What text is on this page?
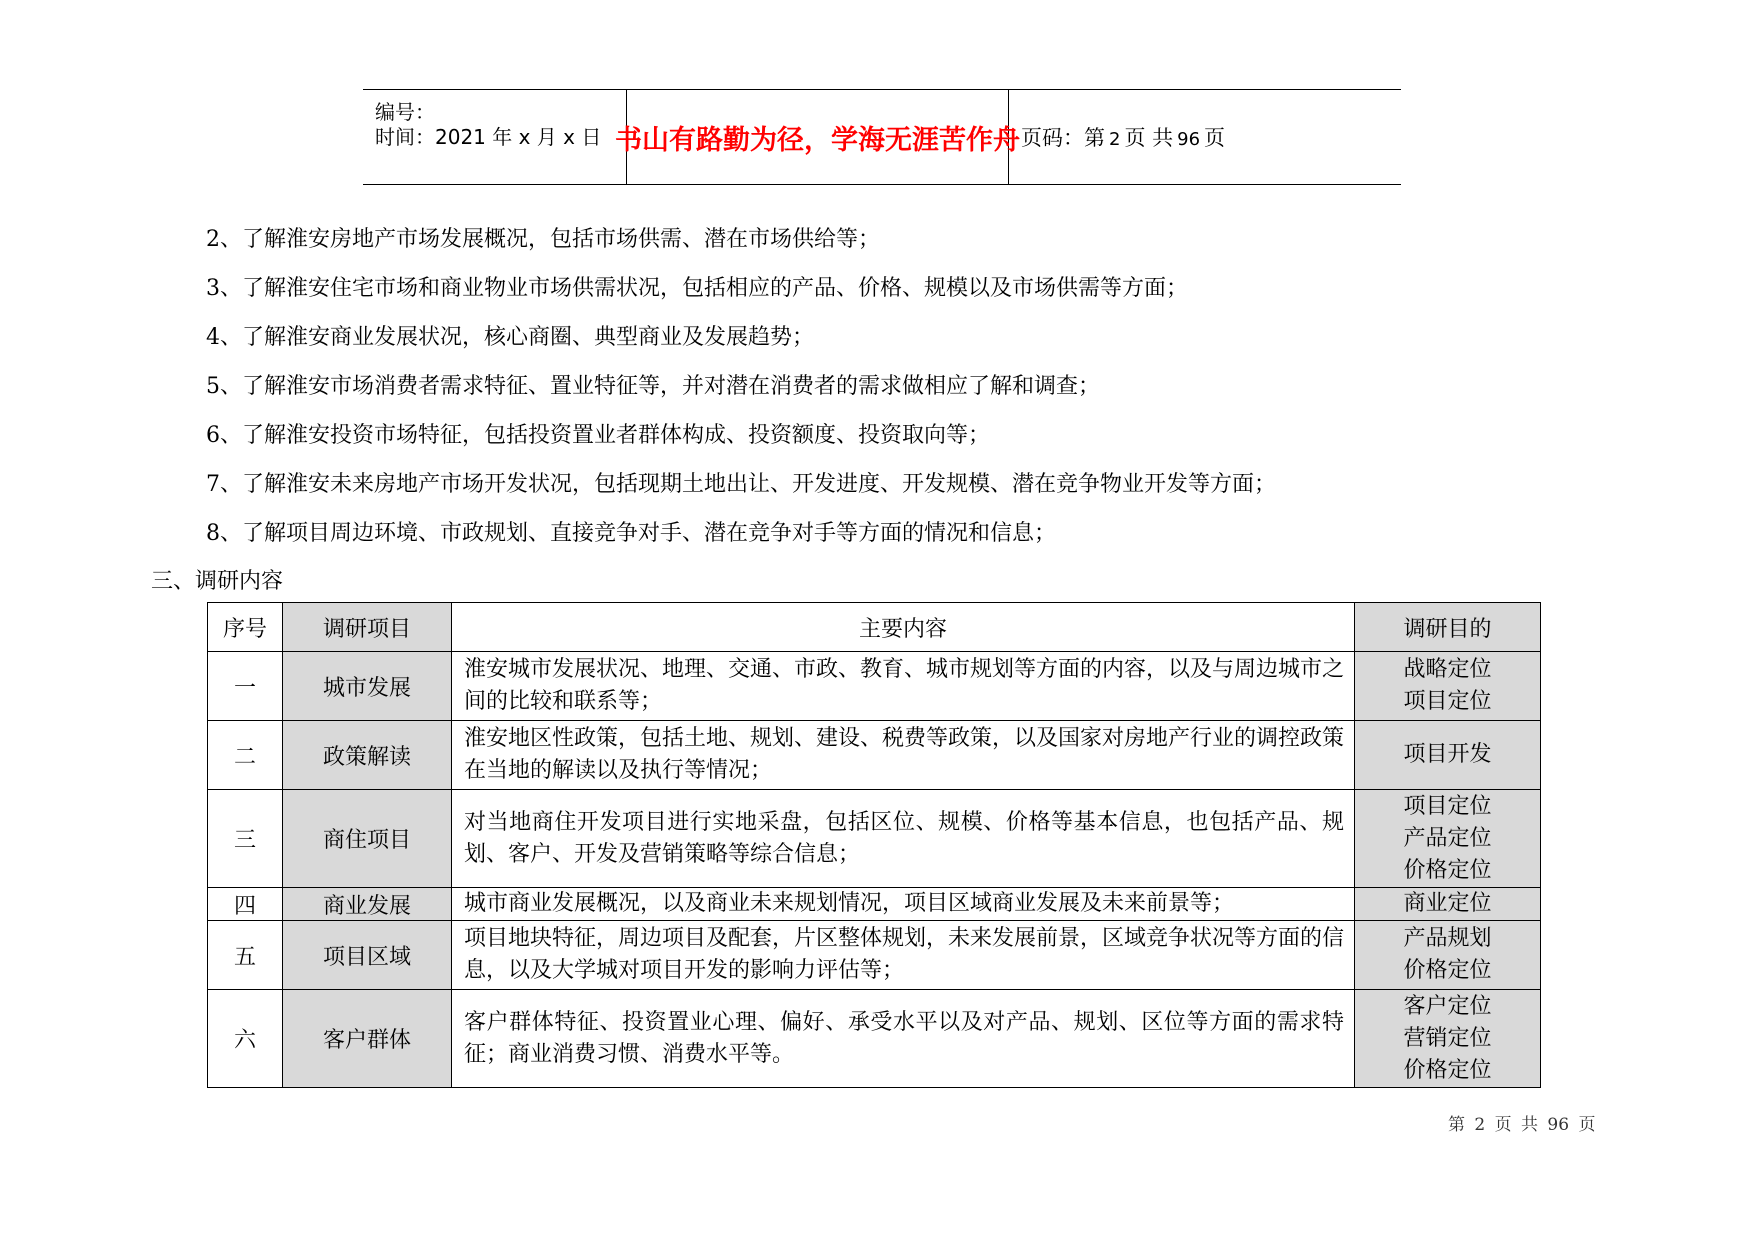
编号：
时间：2021 年 x 月 x 日 书山有路勤为径，学海无涯苦作舟 页码：第 2 页 共 96 页
2、了解淮安房地产市场发展概况，包括市场供需、潜在市场供给等；
3、了解淮安住宅市场和商业物业市场供需状况，包括相应的产品、价格、规模以及市场供需等方面；
4、了解淮安商业发展状况，核心商圈、典型商业及发展趋势；
5、了解淮安市场消费者需求特征、置业特征等，并对潜在消费者的需求做相应了解和调查；
6、了解淮安投资市场特征，包括投资置业者群体构成、投资额度、投资取向等；
7、了解淮安未来房地产市场开发状况，包括现期土地出让、开发进度、开发规模、潜在竞争物业开发等方面；
8、了解项目周边环境、市政规划、直接竞争对手、潜在竞争对手等方面的情况和信息；
三、调研内容
序号	调研项目	主要内容	调研目的
一	城市发展	淮安城市发展状况、地理、交通、市政、教育、城市规划等方面的内容，以及与周边城市之间的比较和联系等；	战略定位
项目定位

二	政策解读	淮安地区性政策，包括土地、规划、建设、税费等政策，以及国家对房地产行业的调控政策在当地的解读以及执行等情况；	项目开发

三	商住项目	对当地商住开发项目进行实地采盘，包括区位、规模、价格等基本信息，也包括产品、规划、客户、开发及营销策略等综合信息；	项目定位
产品定位
价格定位

四	商业发展	城市商业发展概况，以及商业未来规划情况，项目区域商业发展及未来前景等；	商业定位

五	项目区域	项目地块特征，周边项目及配套，片区整体规划，未来发展前景，区域竞争状况等方面的信息，以及大学城对项目开发的影响力评估等；	产品规划
价格定位

六	客户群体	客户群体特征、投资置业心理、偏好、承受水平以及对产品、规划、区位等方面的需求特征；商业消费习惯、消费水平等。	客户定位
营销定位
价格定位
第 2 页 共 96 页
